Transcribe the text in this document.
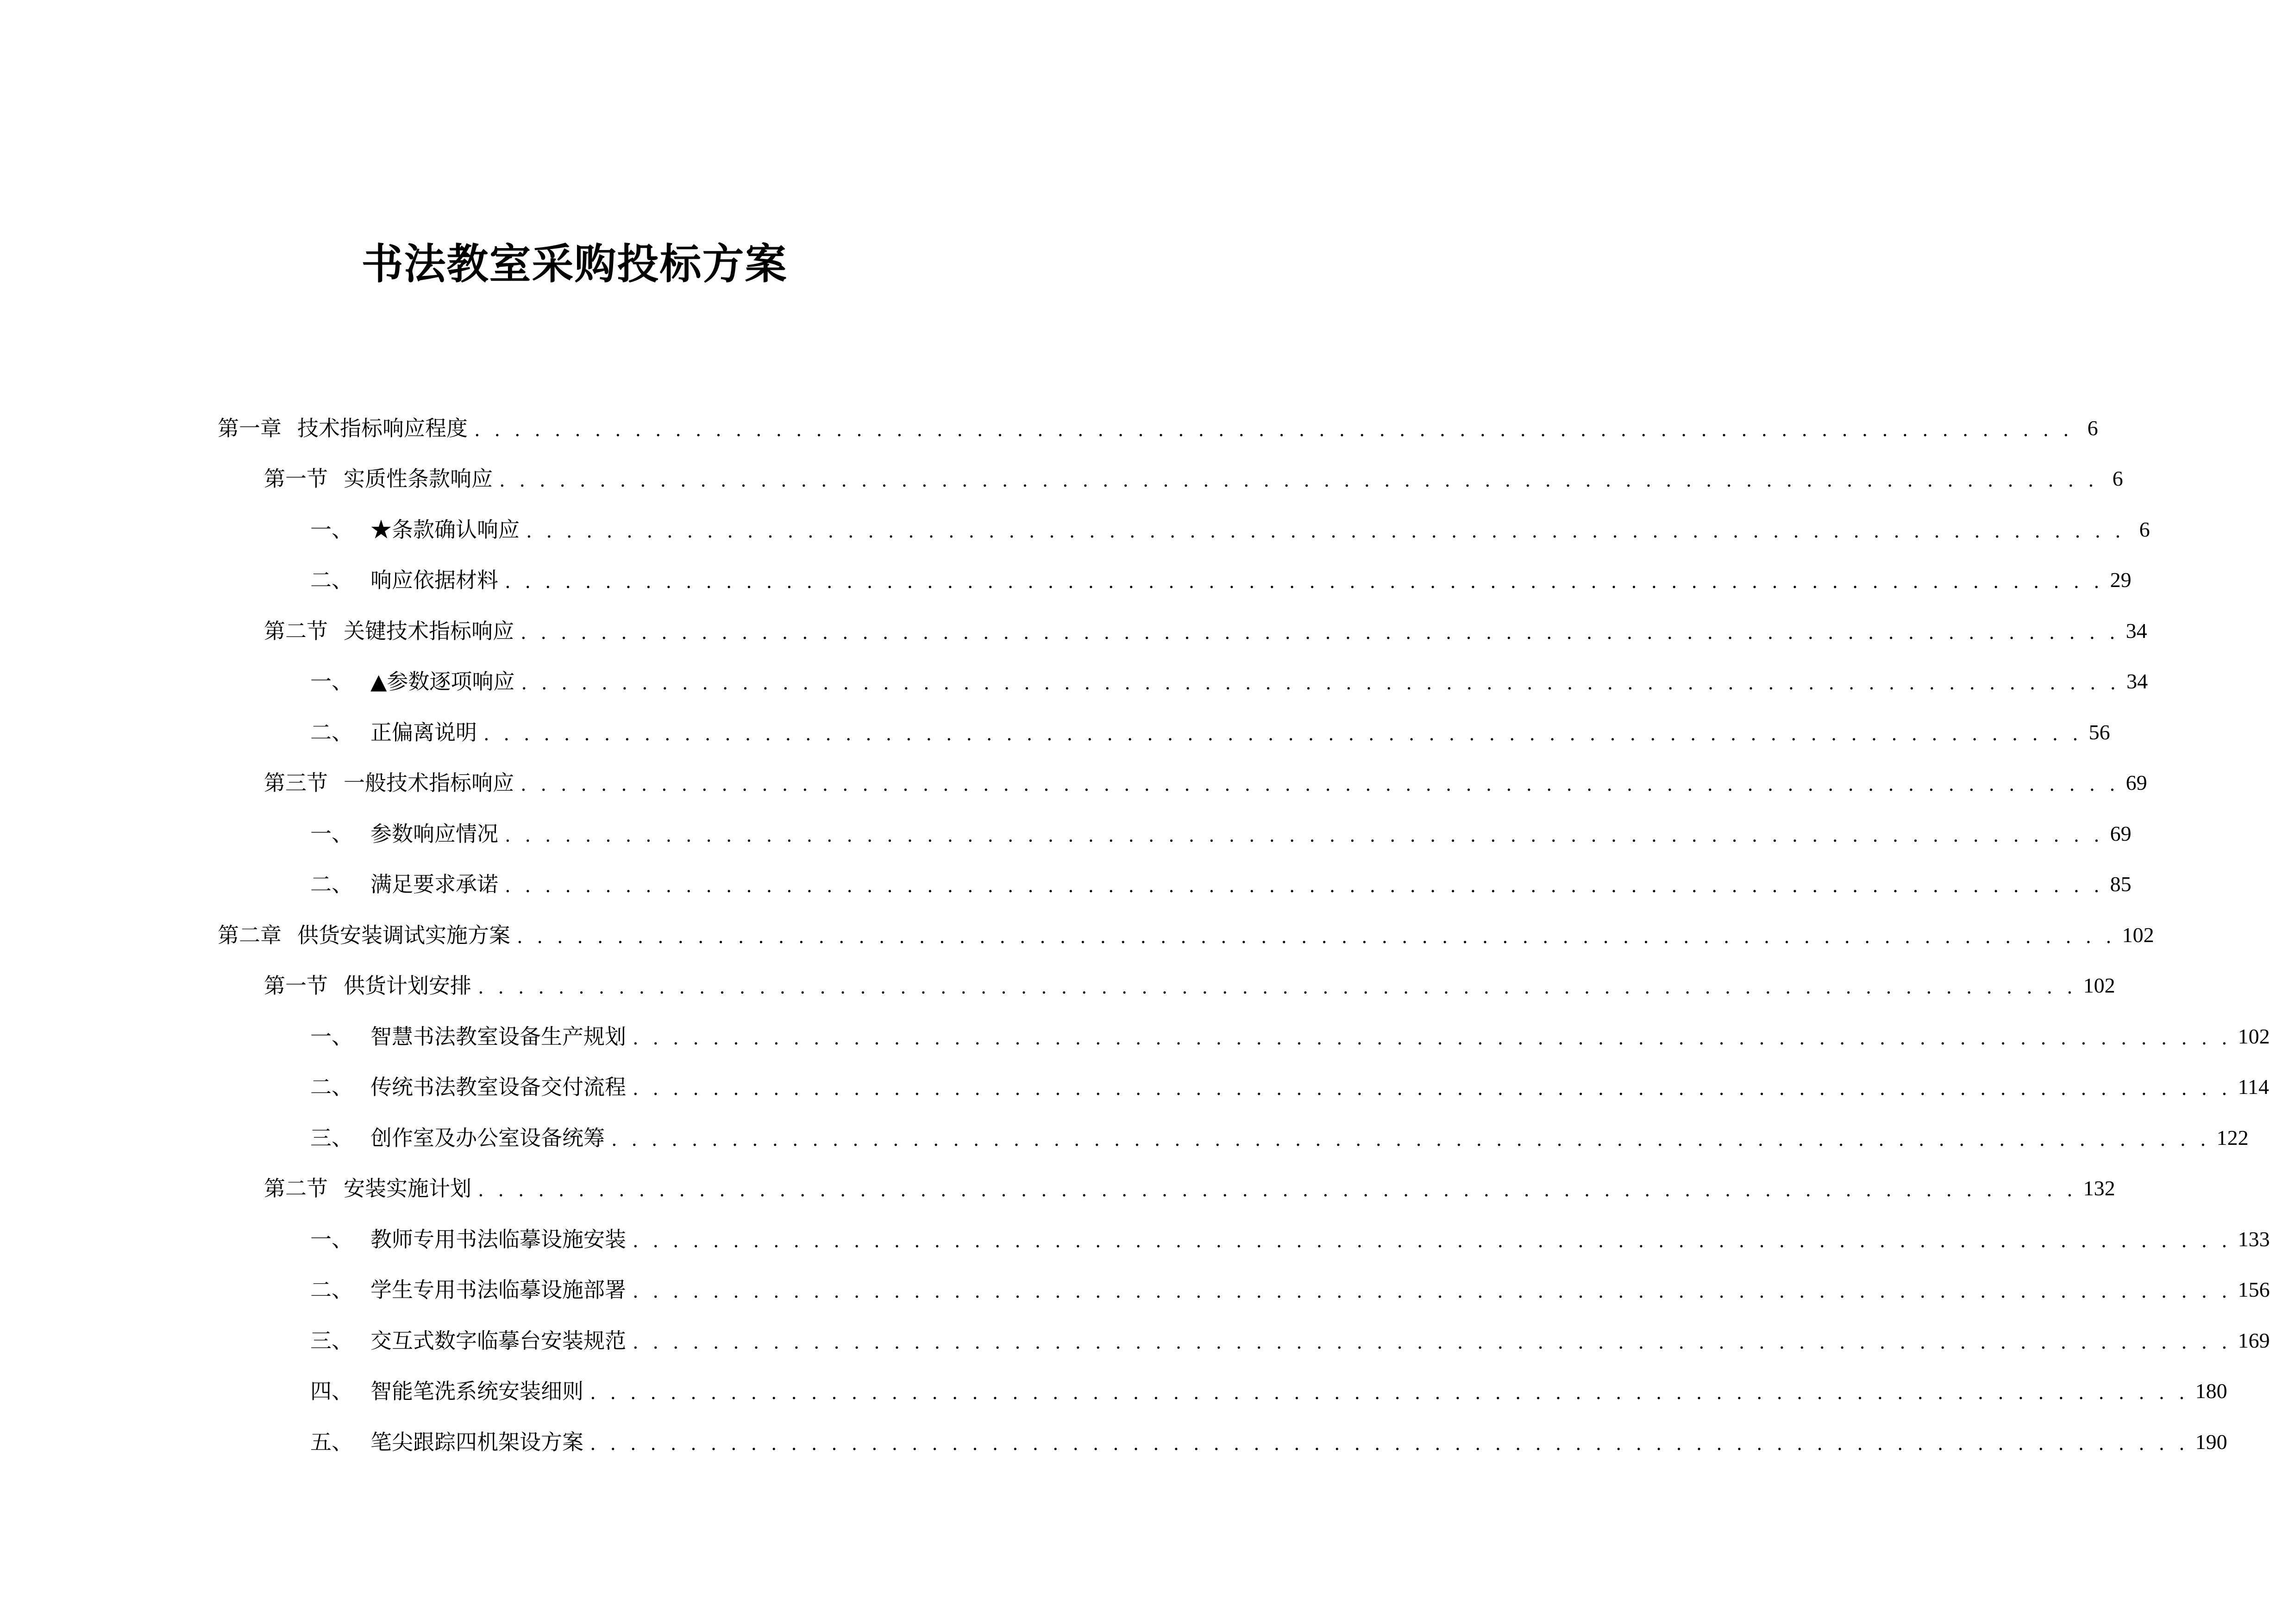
书法教室采购投标方案
第一章 技术指标响应程度 . . . . . . . . . . . . . . . . . . . . . . . . . . . . . . . . . . . . . . . . . . . . . . . . . . . . . . . . . . . . . . . . . . . . . . . . . . . . . . . . 6
第一节 实质性条款响应 . . . . . . . . . . . . . . . . . . . . . . . . . . . . . . . . . . . . . . . . . . . . . . . . . . . . . . . . . . . . . . . . . . . . . . . . . . . . . . . . 6
一、 ★条款确认响应 . . . . . . . . . . . . . . . . . . . . . . . . . . . . . . . . . . . . . . . . . . . . . . . . . . . . . . . . . . . . . . . . . . . . . . . . . . . . . . . . 6
二、 响应依据材料 . . . . . . . . . . . . . . . . . . . . . . . . . . . . . . . . . . . . . . . . . . . . . . . . . . . . . . . . . . . . . . . . . . . . . . . . . . . . . . . . 29
第二节 关键技术指标响应 . . . . . . . . . . . . . . . . . . . . . . . . . . . . . . . . . . . . . . . . . . . . . . . . . . . . . . . . . . . . . . . . . . . . . . . . . . . . . . . . 34
一、 ▲参数逐项响应 . . . . . . . . . . . . . . . . . . . . . . . . . . . . . . . . . . . . . . . . . . . . . . . . . . . . . . . . . . . . . . . . . . . . . . . . . . . . . . . . 34
二、 正偏离说明 . . . . . . . . . . . . . . . . . . . . . . . . . . . . . . . . . . . . . . . . . . . . . . . . . . . . . . . . . . . . . . . . . . . . . . . . . . . . . . . . 56
第三节 一般技术指标响应 . . . . . . . . . . . . . . . . . . . . . . . . . . . . . . . . . . . . . . . . . . . . . . . . . . . . . . . . . . . . . . . . . . . . . . . . . . . . . . . . 69
一、 参数响应情况 . . . . . . . . . . . . . . . . . . . . . . . . . . . . . . . . . . . . . . . . . . . . . . . . . . . . . . . . . . . . . . . . . . . . . . . . . . . . . . . . 69
二、 满足要求承诺 . . . . . . . . . . . . . . . . . . . . . . . . . . . . . . . . . . . . . . . . . . . . . . . . . . . . . . . . . . . . . . . . . . . . . . . . . . . . . . . . 85
第二章 供货安装调试实施方案 . . . . . . . . . . . . . . . . . . . . . . . . . . . . . . . . . . . . . . . . . . . . . . . . . . . . . . . . . . . . . . . . . . . . . . . . . . . . . . . . 102
第一节 供货计划安排 . . . . . . . . . . . . . . . . . . . . . . . . . . . . . . . . . . . . . . . . . . . . . . . . . . . . . . . . . . . . . . . . . . . . . . . . . . . . . . . . 102
一、 智慧书法教室设备生产规划 . . . . . . . . . . . . . . . . . . . . . . . . . . . . . . . . . . . . . . . . . . . . . . . . . . . . . . . . . . . . . . . . . . . . . . . . . . . . . . . . 102
二、 传统书法教室设备交付流程 . . . . . . . . . . . . . . . . . . . . . . . . . . . . . . . . . . . . . . . . . . . . . . . . . . . . . . . . . . . . . . . . . . . . . . . . . . . . . . . . 114
三、 创作室及办公室设备统筹 . . . . . . . . . . . . . . . . . . . . . . . . . . . . . . . . . . . . . . . . . . . . . . . . . . . . . . . . . . . . . . . . . . . . . . . . . . . . . . . . 122
第二节 安装实施计划 . . . . . . . . . . . . . . . . . . . . . . . . . . . . . . . . . . . . . . . . . . . . . . . . . . . . . . . . . . . . . . . . . . . . . . . . . . . . . . . . 132
一、 教师专用书法临摹设施安装 . . . . . . . . . . . . . . . . . . . . . . . . . . . . . . . . . . . . . . . . . . . . . . . . . . . . . . . . . . . . . . . . . . . . . . . . . . . . . . . . 133
二、 学生专用书法临摹设施部署 . . . . . . . . . . . . . . . . . . . . . . . . . . . . . . . . . . . . . . . . . . . . . . . . . . . . . . . . . . . . . . . . . . . . . . . . . . . . . . . . 156
三、 交互式数字临摹台安装规范 . . . . . . . . . . . . . . . . . . . . . . . . . . . . . . . . . . . . . . . . . . . . . . . . . . . . . . . . . . . . . . . . . . . . . . . . . . . . . . . . 169
四、 智能笔洗系统安装细则 . . . . . . . . . . . . . . . . . . . . . . . . . . . . . . . . . . . . . . . . . . . . . . . . . . . . . . . . . . . . . . . . . . . . . . . . . . . . . . . . 180
五、 笔尖跟踪四机架设方案 . . . . . . . . . . . . . . . . . . . . . . . . . . . . . . . . . . . . . . . . . . . . . . . . . . . . . . . . . . . . . . . . . . . . . . . . . . . . . . . . 190
